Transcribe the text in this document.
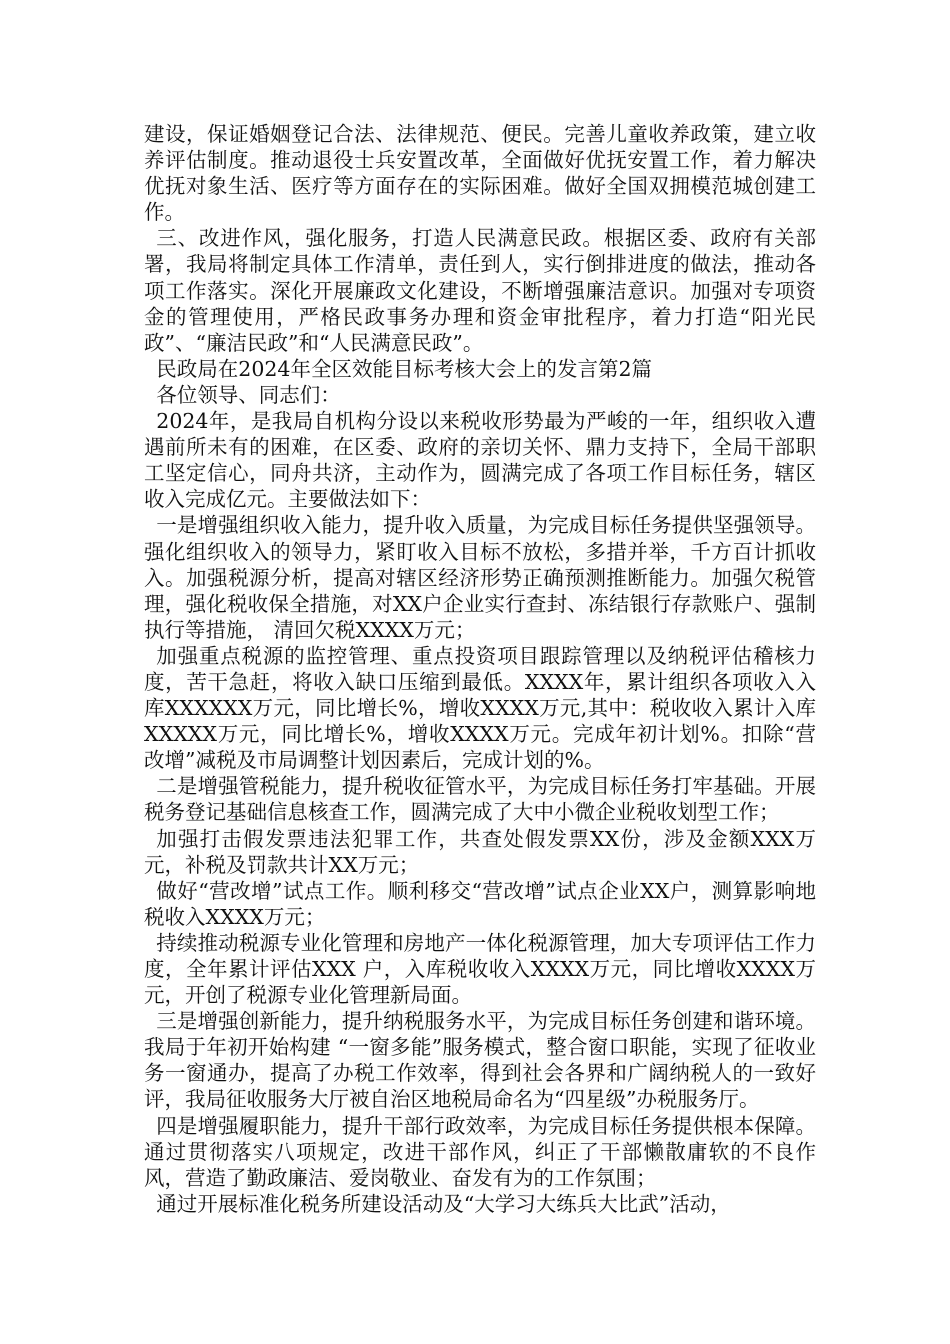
建设，保证婚姻登记合法、法律规范、便民。完善儿童收养政策，建立收养评估制度。推动退役士兵安置改革，全面做好优抚安置工作，着力解决优抚对象生活、医疗等方面存在的实际困难。做好全国双拥模范城创建工作。

三、改进作风，强化服务，打造人民满意民政。根据区委、政府有关部署，我局将制定具体工作清单，责任到人，实行倒排进度的做法，推动各项工作落实。深化开展廉政文化建设，不断增强廉洁意识。加强对专项资金的管理使用，严格民政事务办理和资金审批程序，着力打造“阳光民政”、“廉洁民政”和“人民满意民政”。

民政局在2024年全区效能目标考核大会上的发言第2篇

各位领导、同志们：

2024年，是我局自机构分设以来税收形势最为严峻的一年，组织收入遭遇前所未有的困难，在区委、政府的亲切关怀、鼎力支持下，全局干部职工坚定信心，同舟共济，主动作为，圆满完成了各项工作目标任务，辖区收入完成亿元。主要做法如下：

一是增强组织收入能力，提升收入质量，为完成目标任务提供坚强领导。强化组织收入的领导力，紧盯收入目标不放松，多措并举，千方百计抓收入。加强税源分析，提高对辖区经济形势正确预测推断能力。加强欠税管理，强化税收保全措施，对XX户企业实行查封、冻结银行存款账户、强制执行等措施， 清回欠税XXXX万元；

加强重点税源的监控管理、重点投资项目跟踪管理以及纳税评估稽核力度，苦干急赶，将收入缺口压缩到最低。XXXX年，累计组织各项收入入库XXXXXX万元，同比增长%，增收XXXX万元,其中：税收收入累计入库XXXXX万元，同比增长%，增收XXXX万元。完成年初计划%。扣除“营改增”减税及市局调整计划因素后，完成计划的%。

二是增强管税能力，提升税收征管水平，为完成目标任务打牢基础。开展税务登记基础信息核查工作，圆满完成了大中小微企业税收划型工作；

加强打击假发票违法犯罪工作，共查处假发票XX份，涉及金额XXX万元，补税及罚款共计XX万元；

做好“营改增”试点工作。顺利移交“营改增”试点企业XX户，测算影响地税收入XXXX万元；

持续推动税源专业化管理和房地产一体化税源管理，加大专项评估工作力度，全年累计评估XXX 户，入库税收收入XXXX万元，同比增收XXXX万元，开创了税源专业化管理新局面。

三是增强创新能力，提升纳税服务水平，为完成目标任务创建和谐环境。我局于年初开始构建 “一窗多能”服务模式，整合窗口职能，实现了征收业务一窗通办，提高了办税工作效率，得到社会各界和广阔纳税人的一致好评，我局征收服务大厅被自治区地税局命名为“四星级”办税服务厅。

四是增强履职能力，提升干部行政效率，为完成目标任务提供根本保障。通过贯彻落实八项规定，改进干部作风，纠正了干部懒散庸软的不良作风，营造了勤政廉洁、爱岗敬业、奋发有为的工作氛围；

通过开展标准化税务所建设活动及“大学习大练兵大比武”活动，
